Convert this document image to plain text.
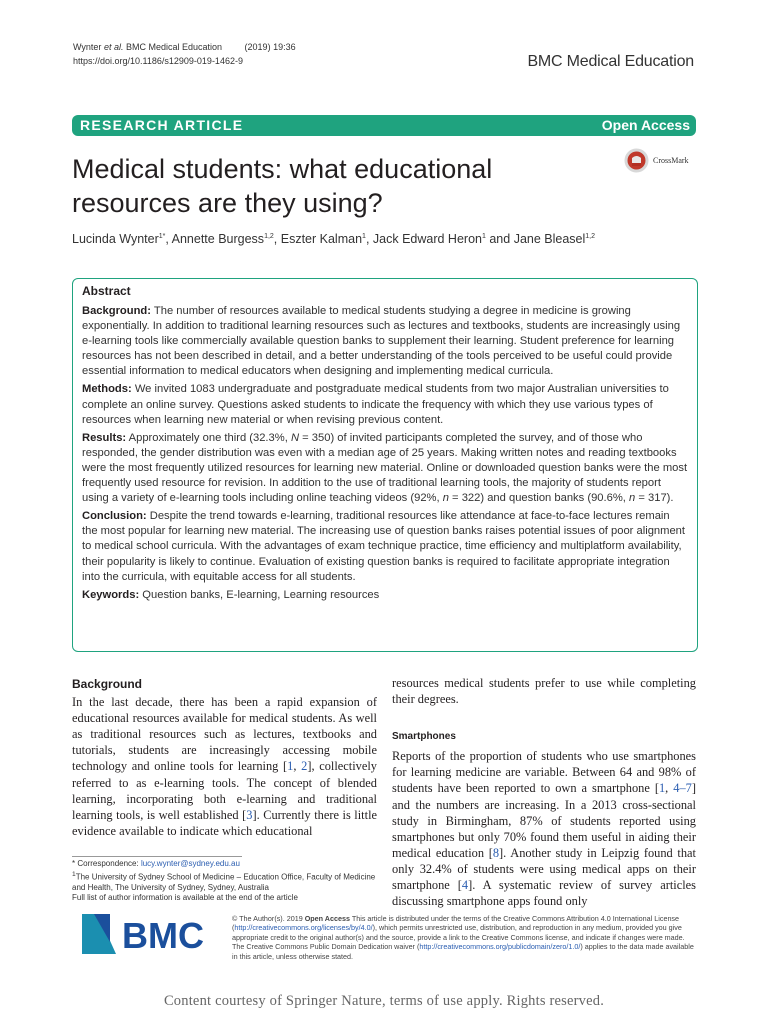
Wynter et al. BMC Medical Education	(2019) 19:36
https://doi.org/10.1186/s12909-019-1462-9	BMC Medical Education
RESEARCH ARTICLE	Open Access
Medical students: what educational
resources are they using?
CrossMark
Lucinda Wynter$^{1*}$, Annette Burgess$^{1,2}$, Eszter Kalman$^1$, Jack Edward Heron$^1$ and Jane Bleasel$^{1,2}$
Abstract

Background: The number of resources available to medical students studying a degree in medicine is growing exponentially. In addition to traditional learning resources such as lectures and textbooks, students are increasingly using e-learning tools like commercially available question banks to supplement their learning. Student preference for learning resources has not been described in detail, and a better understanding of the tools perceived to be useful could provide essential information to medical educators when designing and implementing medical curricula.

Methods: We invited 1083 undergraduate and postgraduate medical students from two major Australian universities to complete an online survey. Questions asked students to indicate the frequency with which they use various types of resources when learning new material or when revising previous content.

Results: Approximately one third (32.3%, N = 350) of invited participants completed the survey, and of those who responded, the gender distribution was even with a median age of 25 years. Making written notes and reading textbooks were the most frequently utilized resources for learning new material. Online or downloaded question banks were the most frequently used resource for revision. In addition to the use of traditional learning tools, the majority of students report using a variety of e-learning tools including online teaching videos (92%, n = 322) and question banks (90.6%, n = 317).

Conclusion: Despite the trend towards e-learning, traditional resources like attendance at face-to-face lectures remain the most popular for learning new material. The increasing use of question banks raises potential issues of poor alignment to medical school curricula. With the advantages of exam technique practice, time efficiency and multiplatform availability, their popularity is likely to continue. Evaluation of existing question banks is required to facilitate appropriate integration into the curricula, with equitable access for all students.

Keywords: Question banks, E-learning, Learning resources

Background

In the last decade, there has been a rapid expansion of educational resources available for medical students. As well as traditional resources such as lectures, textbooks and tutorials, students are increasingly accessing mobile technology and online tools for learning [1, 2], collectively referred to as e-learning tools. The concept of blended learning, incorporating both e-learning and traditional learning tools, is well established [3]. Currently there is little evidence available to indicate which educational

resources medical students prefer to use while completing their degrees.

Smartphones

Reports of the proportion of students who use smartphones for learning medicine are variable. Between 64 and 98% of students have been reported to own a smartphone [1, 4–7] and the numbers are increasing. In a 2013 cross-sectional study in Birmingham, 87% of students reported using smartphones but only 70% found them useful in aiding their medical education [8]. Another study in Leipzig found that only 32.4% of students were using medical apps on their smartphone [4]. A systematic review of survey articles discussing smartphone apps found only

* Correspondence: lucy.wynter@sydney.edu.au
$^1$The University of Sydney School of Medicine – Education Office, Faculty of Medicine and Health, The University of Sydney, Sydney, Australia
Full list of author information is available at the end of the article
BMC	© The Author(s). 2019 Open Access This article is distributed under the terms of the Creative Commons Attribution 4.0 International License (http://creativecommons.org/licenses/by/4.0/), which permits unrestricted use, distribution, and reproduction in any medium, provided you give appropriate credit to the original author(s) and the source, provide a link to the Creative Commons license, and indicate if changes were made. The Creative Commons Public Domain Dedication waiver (http://creativecommons.org/publicdomain/zero/1.0/) applies to the data made available in this article, unless otherwise stated.
Content courtesy of Springer Nature, terms of use apply. Rights reserved.
